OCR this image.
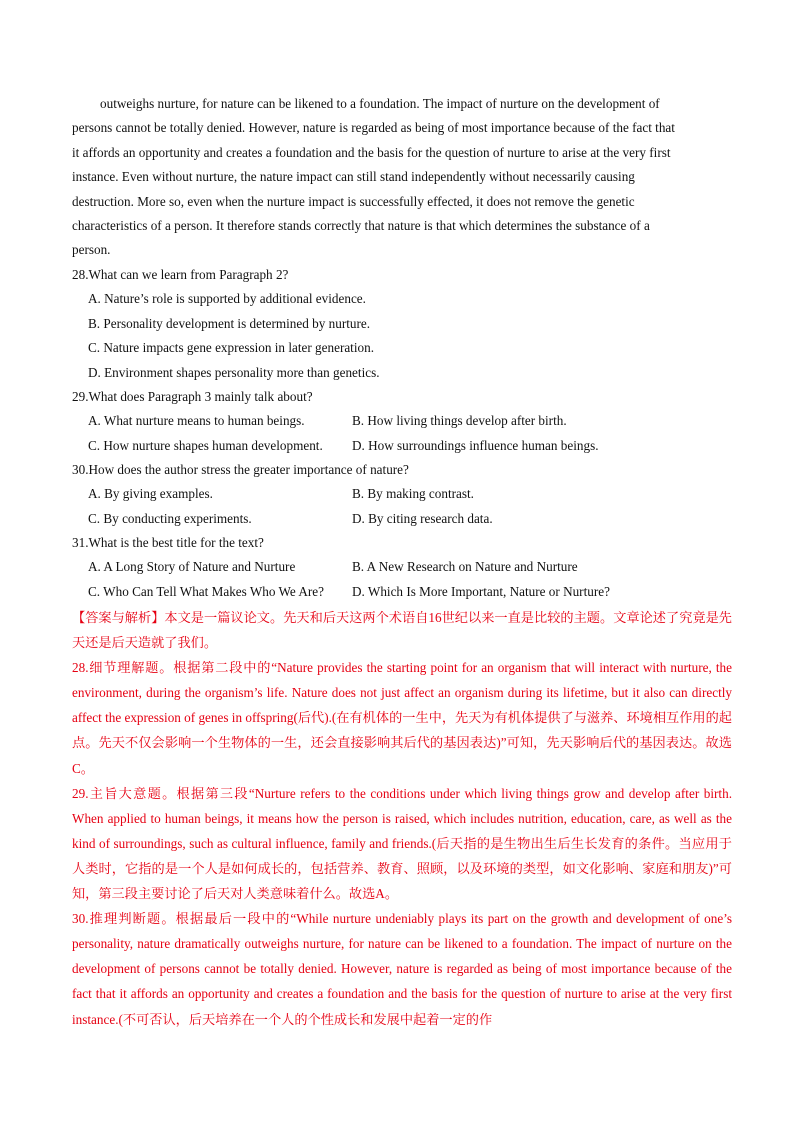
outweighs nurture, for nature can be likened to a foundation. The impact of nurture on the development of
persons cannot be totally denied. However, nature is regarded as being of most importance because of the fact that
it affords an opportunity and creates a foundation and the basis for the question of nurture to arise at the very first
instance. Even without nurture, the nature impact can still stand independently without necessarily causing
destruction. More so, even when the nurture impact is successfully effected, it does not remove the genetic
characteristics of a person. It therefore stands correctly that nature is that which determines the substance of a
person.
28.What can we learn from Paragraph 2?
A. Nature’s role is supported by additional evidence.
B. Personality development is determined by nurture.
C. Nature impacts gene expression in later generation.
D. Environment shapes personality more than genetics.
29.What does Paragraph 3 mainly talk about?
A. What nurture means to human beings.	B. How living things develop after birth.
C. How nurture shapes human development. D. How surroundings influence human beings.
30.How does the author stress the greater importance of nature?
A. By giving examples.	B. By making contrast.
C. By conducting experiments.	D. By citing research data.
31.What is the best title for the text?
A. A Long Story of Nature and Nurture	B. A New Research on Nature and Nurture
C. Who Can Tell What Makes Who We Are? D. Which Is More Important, Nature or Nurture?

【答案与解析】本文是一篇议论文。先天和后天这两个术语自16世纪以来一直是比较的主题。文章论述了究竟是先天还是后天造就了我们。

28.细节理解题。根据第二段中的“Nature provides the starting point for an organism that will interact with nurture, the environment, during the organism’s life. Nature does not just affect an organism during its lifetime, but it also can directly affect the expression of genes in offspring(后代).(在有机体的一生中，先天为有机体提供了与滋养、环境相互作用的起点。先天不仅会影响一个生物体的一生，还会直接影响其后代的基因表达)”可知，先天影响后代的基因表达。故选C。

29.主旨大意题。根据第三段“Nurture refers to the conditions under which living things grow and develop after birth. When applied to human beings, it means how the person is raised, which includes nutrition, education, care, as well as the kind of surroundings, such as cultural influence, family and friends.(后天指的是生物出生后生长发育的条件。当应用于人类时，它指的是一个人是如何成长的，包括营养、教育、照顾，以及环境的类型，如文化影响、家庭和朋友)”可知，第三段主要讨论了后天对人类意味着什么。故选A。

30.推理判断题。根据最后一段中的“While nurture undeniably plays its part on the growth and development of one’s personality, nature dramatically outweighs nurture, for nature can be likened to a foundation. The impact of nurture on the development of persons cannot be totally denied. However, nature is regarded as being of most importance because of the fact that it affords an opportunity and creates a foundation and the basis for the question of nurture to arise at the very first instance.(不可否认，后天培养在一个人的个性成长和发展中起着一定的作
